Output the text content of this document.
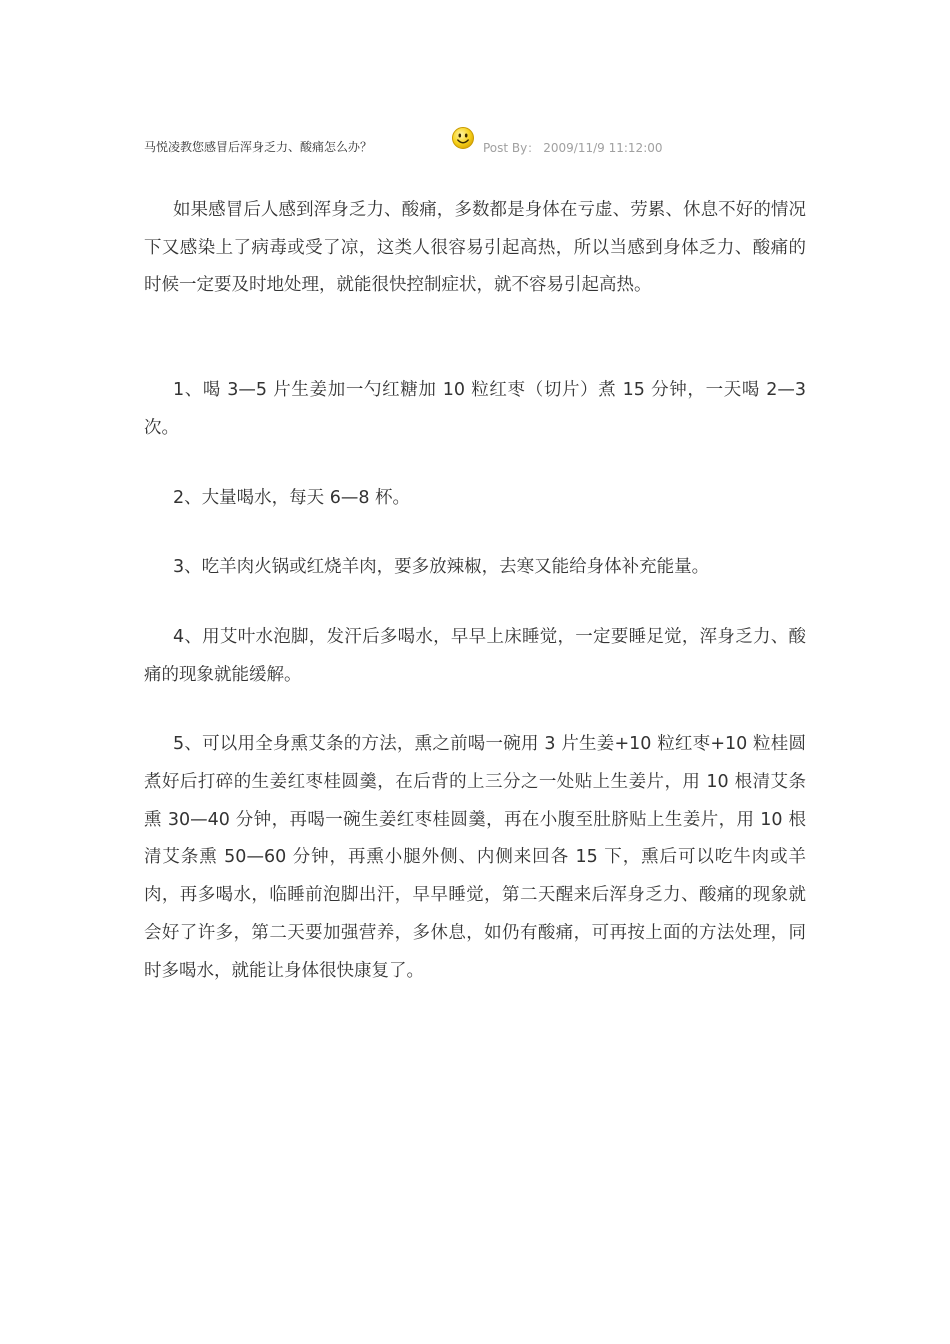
马悦凌教您感冒后浑身乏力、酸痛怎么办？	Post By： 2009/11/9 11:12:00

如果感冒后人感到浑身乏力、酸痛，多数都是身体在亏虚、劳累、休息不好的情况下又感染上了病毒或受了凉，这类人很容易引起高热，所以当感到身体乏力、酸痛的时候一定要及时地处理，就能很快控制症状，就不容易引起高热。

1、喝 3—5 片生姜加一勺红糖加 10 粒红枣（切片）煮 15 分钟，一天喝 2—3 次。

2、大量喝水，每天 6—8 杯。

3、吃羊肉火锅或红烧羊肉，要多放辣椒，去寒又能给身体补充能量。

4、用艾叶水泡脚，发汗后多喝水，早早上床睡觉，一定要睡足觉，浑身乏力、酸痛的现象就能缓解。

5、可以用全身熏艾条的方法，熏之前喝一碗用 3 片生姜+10 粒红枣+10 粒桂圆煮好后打碎的生姜红枣桂圆羹，在后背的上三分之一处贴上生姜片，用 10 根清艾条熏 30—40 分钟，再喝一碗生姜红枣桂圆羹，再在小腹至肚脐贴上生姜片，用 10 根清艾条熏 50—60 分钟，再熏小腿外侧、内侧来回各 15 下，熏后可以吃牛肉或羊肉，再多喝水，临睡前泡脚出汗，早早睡觉，第二天醒来后浑身乏力、酸痛的现象就会好了许多，第二天要加强营养，多休息，如仍有酸痛，可再按上面的方法处理，同时多喝水，就能让身体很快康复了。
